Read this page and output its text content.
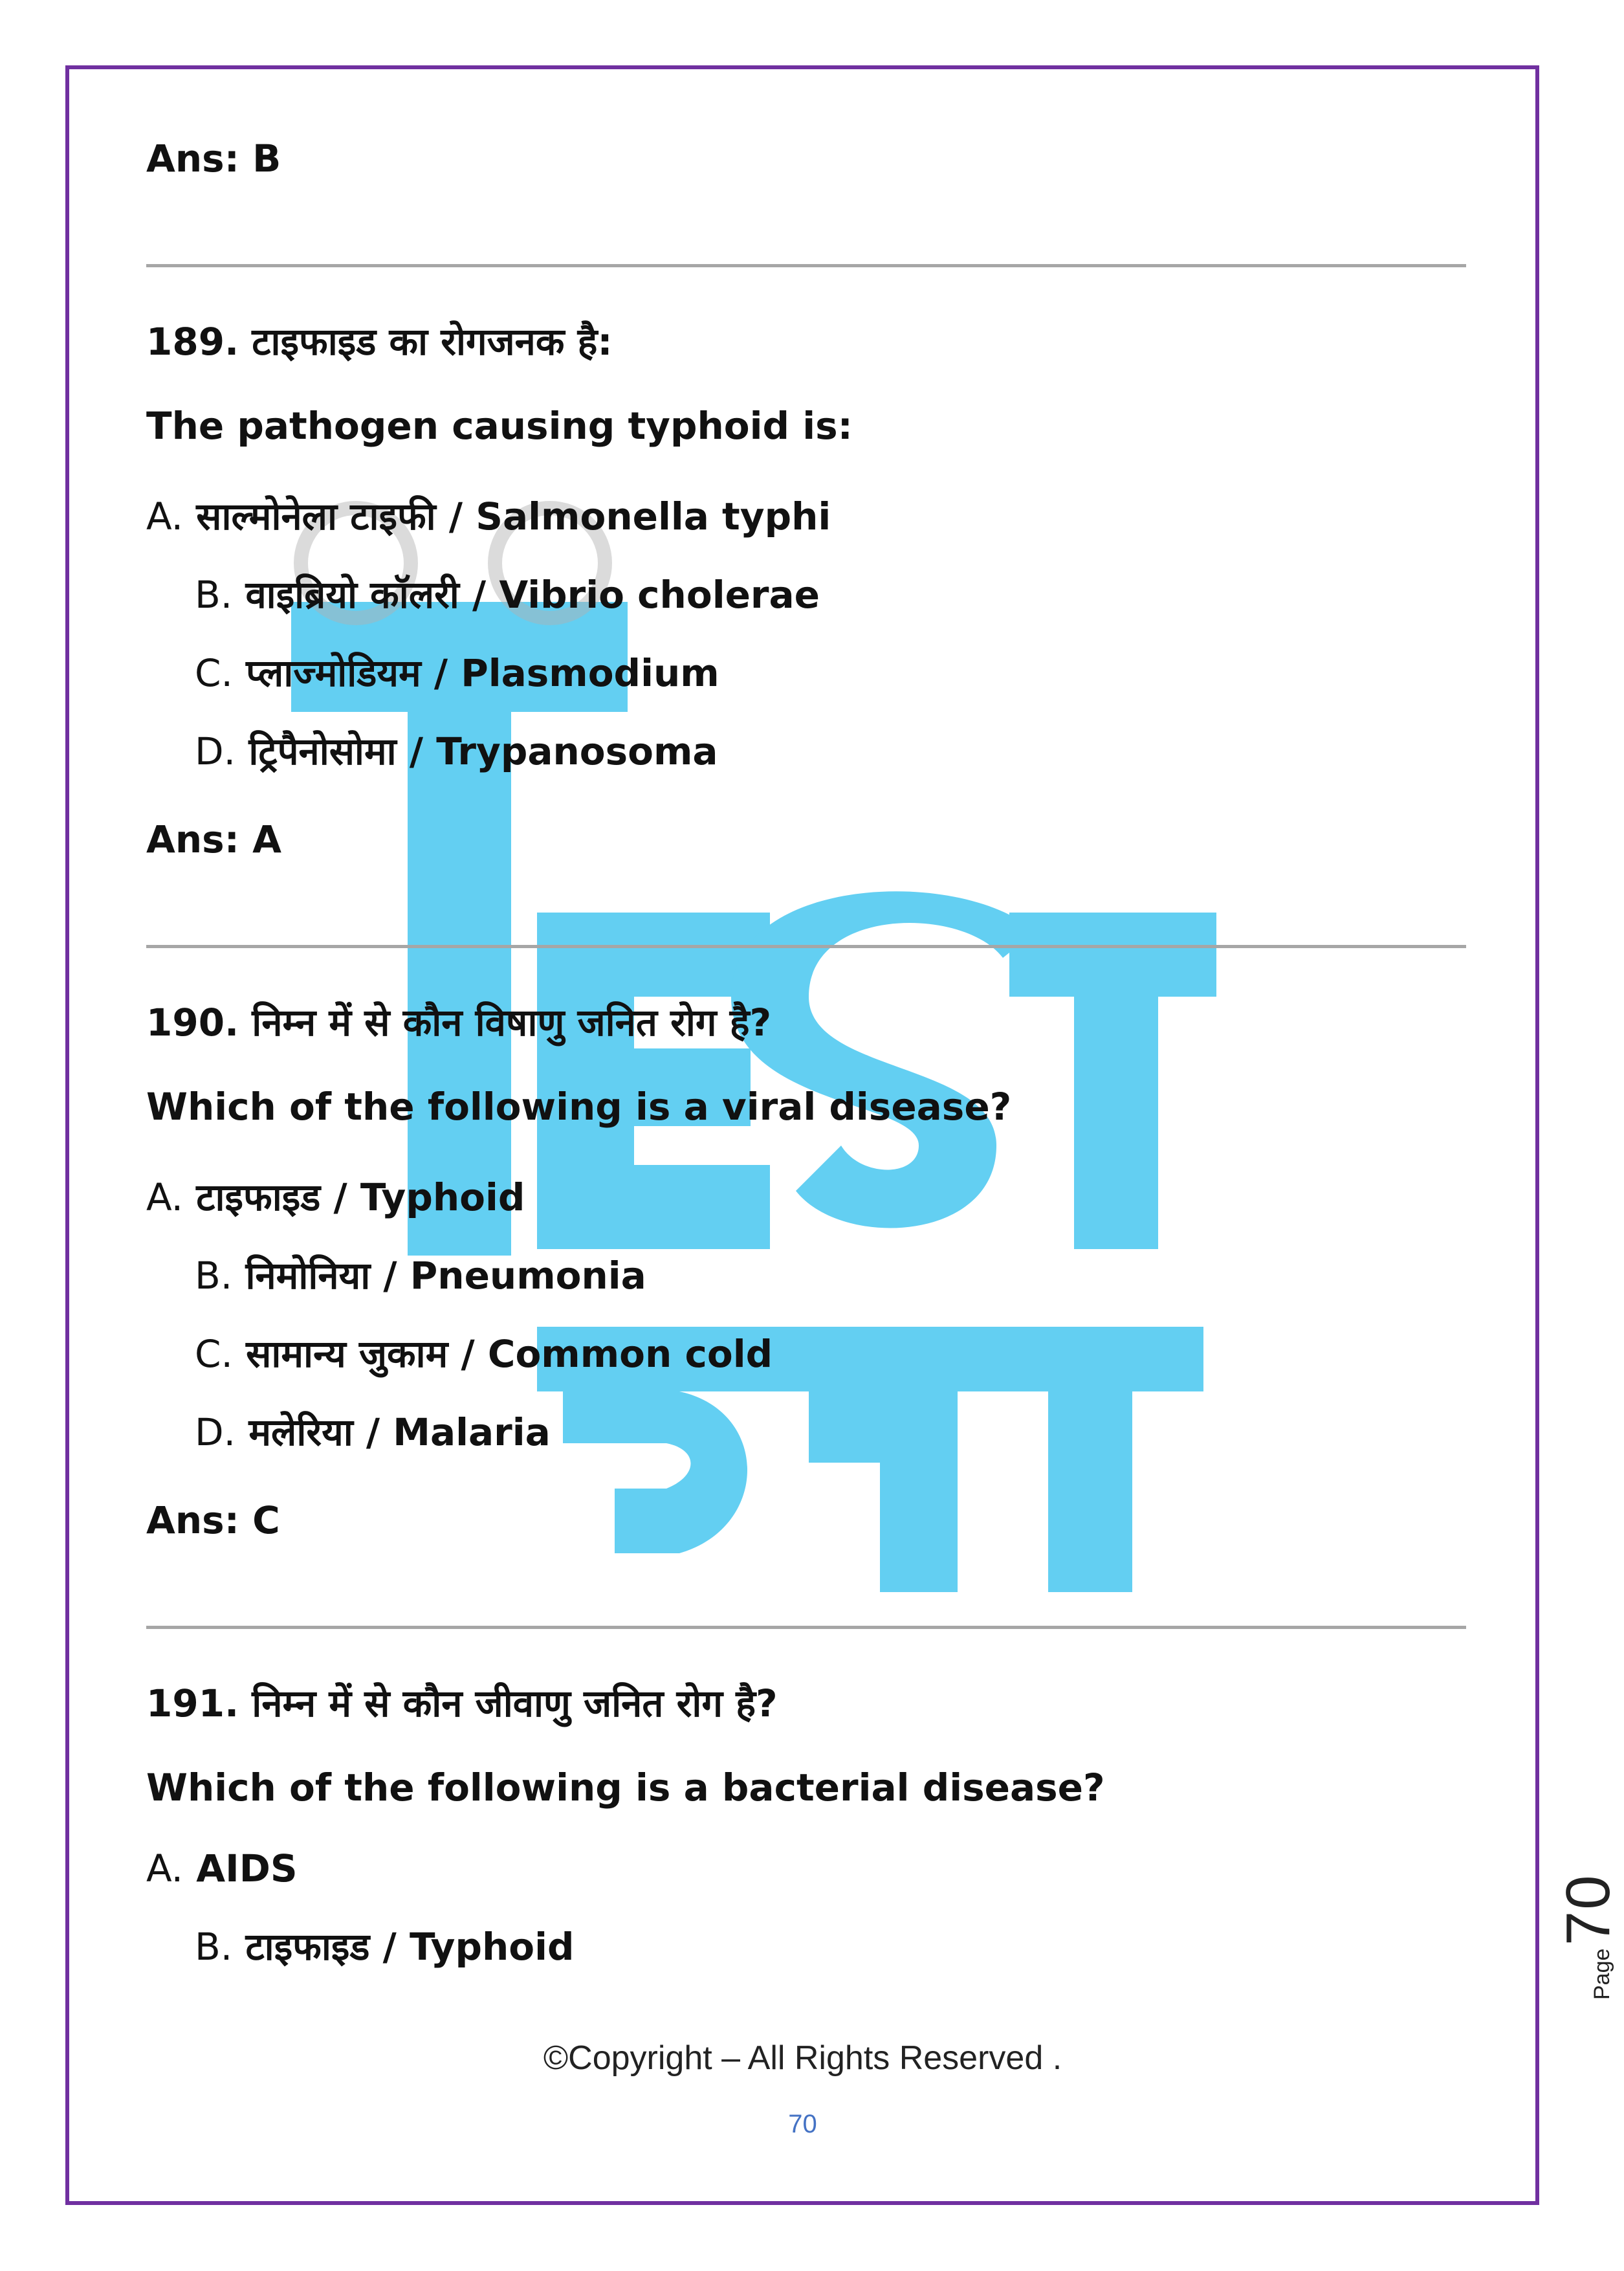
Ans: B
189. टाइफाइड का रोगजनक है:
The pathogen causing typhoid is:
A. साल्मोनेला टाइफी / Salmonella typhi
B. वाइब्रियो कॉलरी / Vibrio cholerae
C. प्लाज्मोडियम / Plasmodium
D. ट्रिपैनोसोमा / Trypanosoma
Ans: A
190. निम्न में से कौन विषाणु जनित रोग है?
Which of the following is a viral disease?
A. टाइफाइड / Typhoid
B. निमोनिया / Pneumonia
C. सामान्य जुकाम / Common cold
D. मलेरिया / Malaria
Ans: C
191. निम्न में से कौन जीवाणु जनित रोग है?
Which of the following is a bacterial disease?
A. AIDS
B. टाइफाइड / Typhoid
Page 70
©Copyright – All Rights Reserved .
70
